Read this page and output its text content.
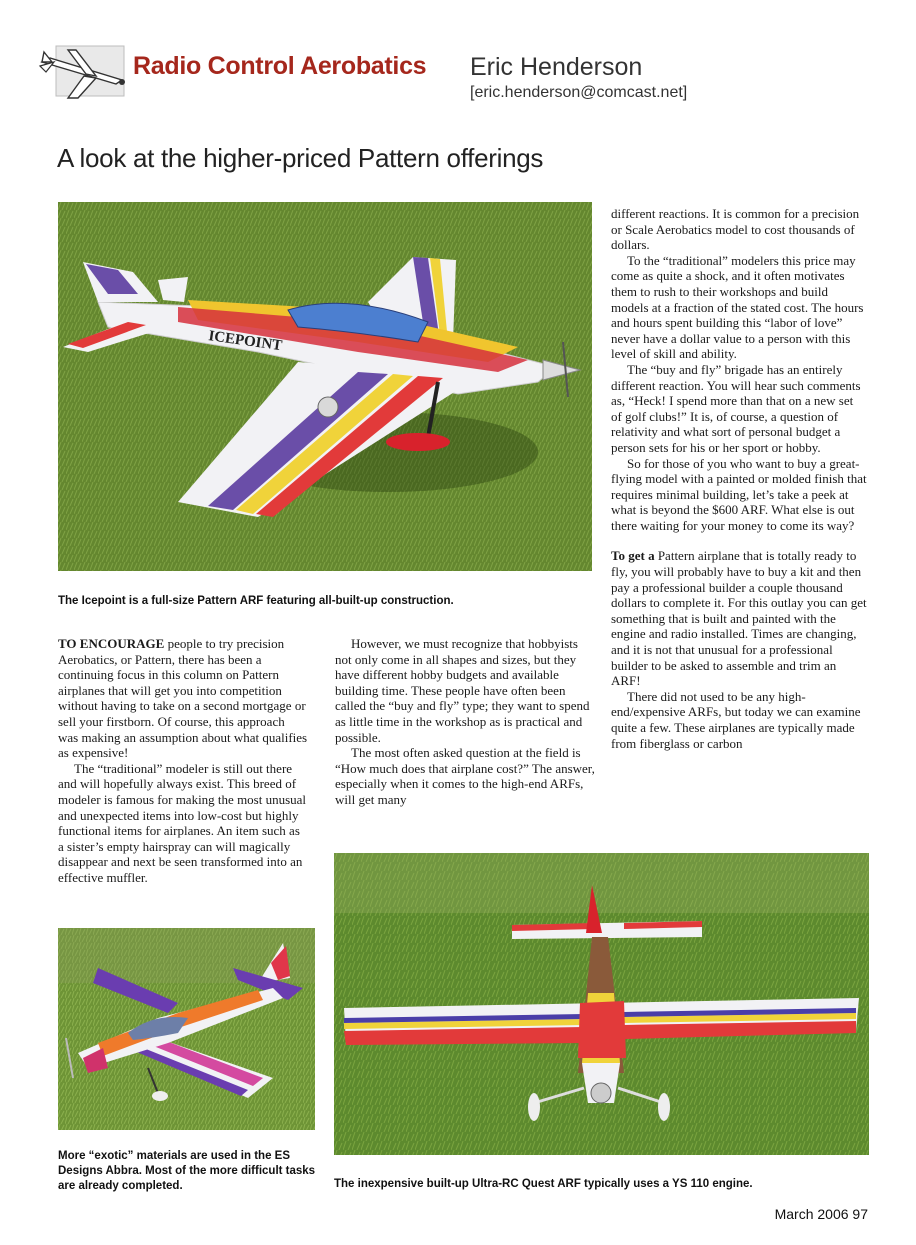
Radio Control Aerobatics Eric Henderson
[eric.henderson@comcast.net]
A look at the higher-priced Pattern offerings
ICEPOINT
The Icepoint is a full-size Pattern ARF featuring all-built-up construction.

TO ENCOURAGE people to try precision Aerobatics, or Pattern, there has been a continuing focus in this column on Pattern airplanes that will get you into competition without having to take on a second mortgage or sell your firstborn. Of course, this approach was making an assumption about what qualifies as expensive!

The “traditional” modeler is still out there and will hopefully always exist. This breed of modeler is famous for making the most unusual and unexpected items into low-cost but highly functional items for airplanes. An item such as a sister’s empty hairspray can will magically disappear and next be seen transformed into an effective muffler.

However, we must recognize that hobbyists not only come in all shapes and sizes, but they have different hobby budgets and available building time. These people have often been called the “buy and fly” type; they want to spend as little time in the workshop as is practical and possible.

The most often asked question at the field is “How much does that airplane cost?” The answer, especially when it comes to the high-end ARFs, will get many

different reactions. It is common for a precision or Scale Aerobatics model to cost thousands of dollars.

To the “traditional” modelers this price may come as quite a shock, and it often motivates them to rush to their workshops and build models at a fraction of the stated cost. The hours and hours spent building this “labor of love” never have a dollar value to a person with this level of skill and ability.

The “buy and fly” brigade has an entirely different reaction. You will hear such comments as, “Heck! I spend more than that on a new set of golf clubs!” It is, of course, a question of relativity and what sort of personal budget a person sets for his or her sport or hobby.

So for those of you who want to buy a great-flying model with a painted or molded finish that requires minimal building, let’s take a peek at what is beyond the $600 ARF. What else is out there waiting for your money to come its way?

To get a Pattern airplane that is totally ready to fly, you will probably have to buy a kit and then pay a professional builder a couple thousand dollars to complete it. For this outlay you can get something that is built and painted with the engine and radio installed. Times are changing, and it is not that unusual for a professional builder to be asked to assemble and trim an ARF!

There did not used to be any high-end/expensive ARFs, but today we can examine quite a few. These airplanes are typically made from fiberglass or carbon

More “exotic” materials are used in the ES Designs Abbra. Most of the more difficult tasks are already completed.	The inexpensive built-up Ultra-RC Quest ARF typically uses a YS 110 engine.
March 2006 97
